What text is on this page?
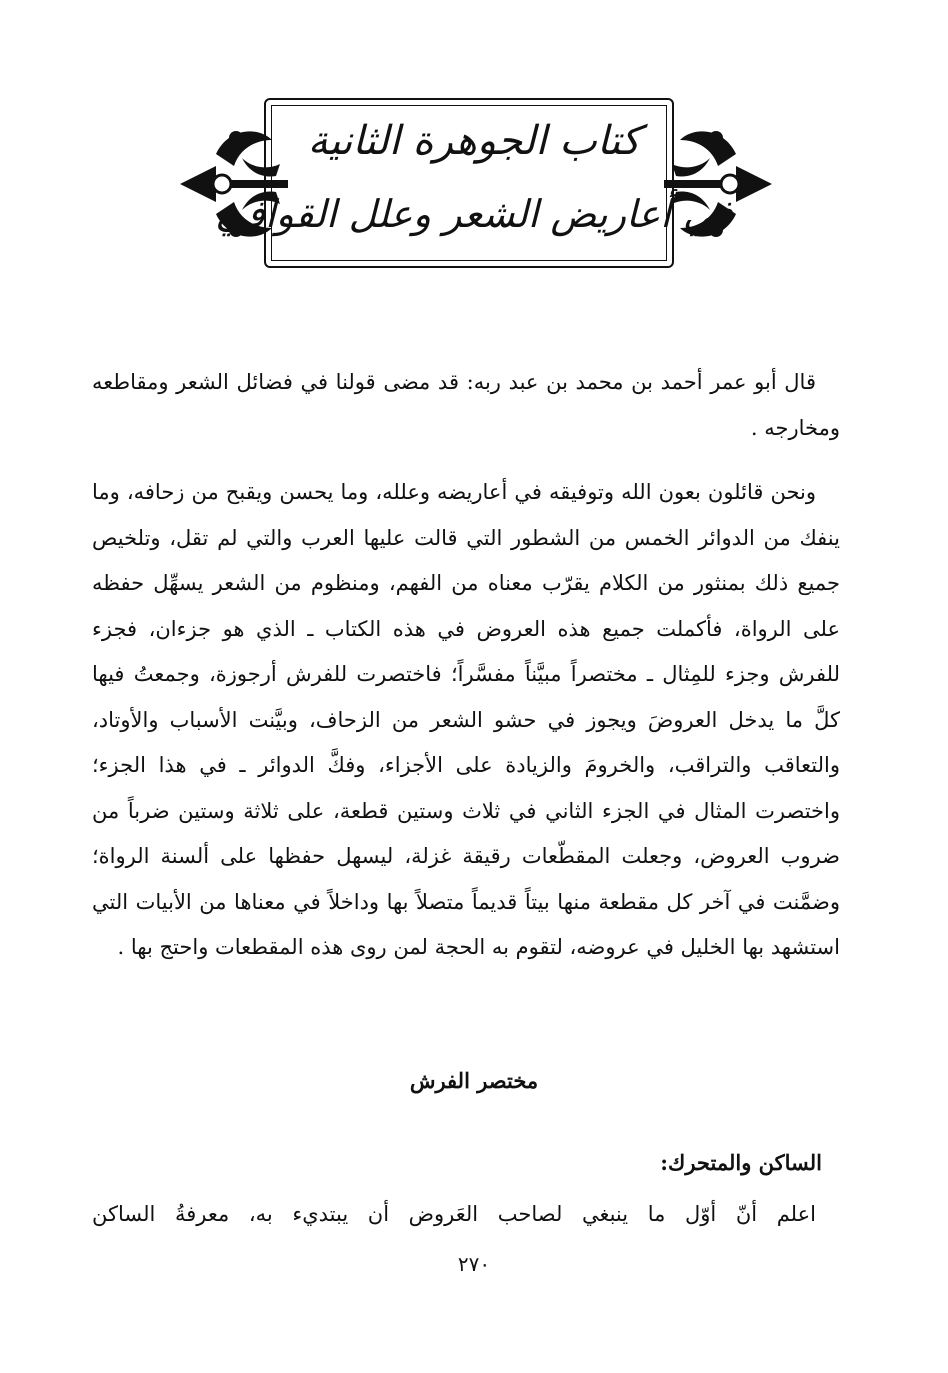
كتاب الجوهرة الثانية
في أعاريض الشعر وعلل القوافي
قال أبو عمر أحمد بن محمد بن عبد ربه: قد مضى قولنا في فضائل الشعر ومقاطعه ومخارجه .
ونحن قائلون بعون الله وتوفيقه في أعاريضه وعلله، وما يحسن ويقبح من زحافه، وما ينفك من الدوائر الخمس من الشطور التي قالت عليها العرب والتي لم تقل، وتلخيص جميع ذلك بمنثور من الكلام يقرّب معناه من الفهم، ومنظوم من الشعر يسهِّل حفظه على الرواة، فأكملت جميع هذه العروض في هذه الكتاب ـ الذي هو جزءان، فجزء للفرش وجزء للمِثال ـ مختصراً مبيَّناً مفسَّراً؛ فاختصرت للفرش أرجوزة، وجمعتُ فيها كلَّ ما يدخل العروضَ ويجوز في حشو الشعر من الزحاف، وبيَّنت الأسباب والأوتاد، والتعاقب والتراقب، والخرومَ والزيادة على الأجزاء، وفكَّ الدوائر ـ في هذا الجزء؛ واختصرت المثال في الجزء الثاني في ثلاث وستين قطعة، على ثلاثة وستين ضرباً من ضروب العروض، وجعلت المقطّعات رقيقة غزلة، ليسهل حفظها على ألسنة الرواة؛ وضمَّنت في آخر كل مقطعة منها بيتاً قديماً متصلاً بها وداخلاً في معناها من الأبيات التي استشهد بها الخليل في عروضه، لتقوم به الحجة لمن روى هذه المقطعات واحتج بها .
مختصر الفرش
الساكن والمتحرك:
اعلم أنّ أوّل ما ينبغي لصاحب العَروض أن يبتديء به، معرفةُ الساكن
٢٧٠
